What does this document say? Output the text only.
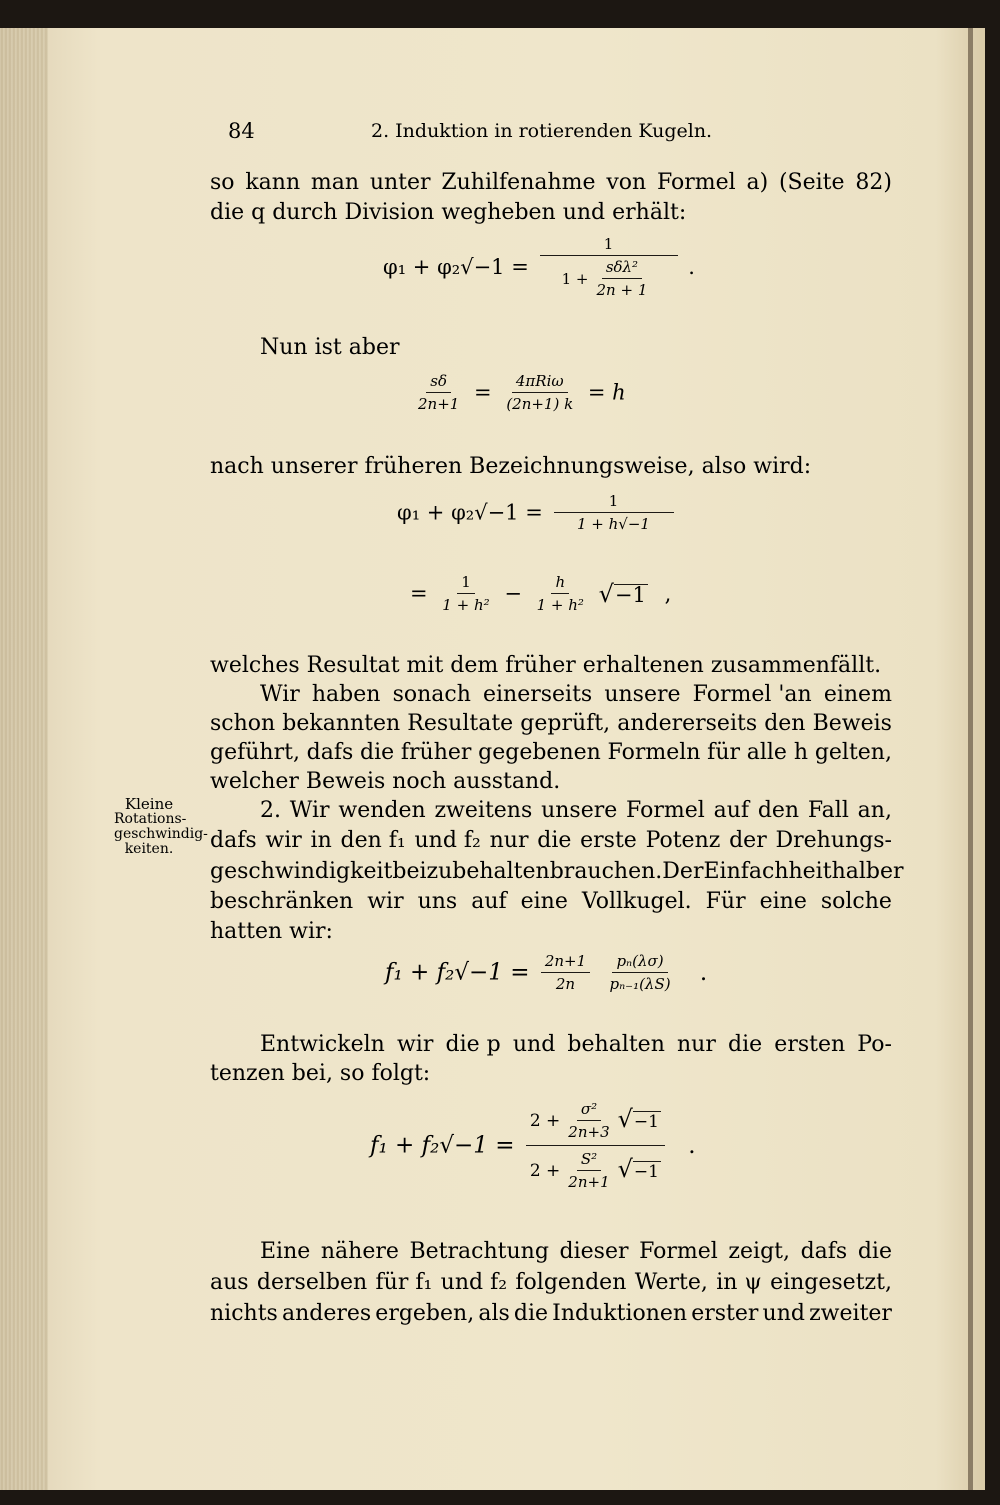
84	2. Induktion in rotierenden Kugeln.
so kann man unter Zuhilfenahme von Formel a) (Seite 82)
die q durch Division wegheben und erhält:
$\varphi_1 + \varphi_2√-1 = \frac{1}{1 + \frac{\text{sδλ²}}{2n + 1}}$ .
Nun ist aber
$\frac{s\delta}{2n+1} = \frac{\text{4πRiω}}{(2n+1) k} = h$
nach unserer früheren Bezeichnungsweise, also wird:
$\varphi_1 + \varphi_2√-1 = \frac{1}{1 + h√-1}$
= $\frac{1}{\text{1 + h²}} - \frac{h}{\text{1 + h²}} √-1$ ,
welches Resultat mit dem früher erhaltenen zusammenfällt.
Wir haben sonach einerseits unsere Formel 'an einem
schon bekannten Resultate geprüft, andererseits den Beweis
geführt, dafs die früher gegebenen Formeln für alle h gelten,
welcher Beweis noch ausstand.
Kleine
Rotations-
geschwindig-
keiten.
2. Wir wenden zweitens unsere Formel auf den Fall an,
dafs wir in den f₁ und f₂ nur die erste Potenz der Drehungs-
geschwindigkeit beizubehalten brauchen. Der Einfachheit halber
beschränken wir uns auf eine Vollkugel. Für eine solche
hatten wir:
$f_1 + f_2√-1 = \frac{2n+1}{2n}$
$\frac{\text{pₙ(λσ)}}{\text{pₙ₋₁(λS)}}$ .
Entwickeln wir die p und behalten nur die ersten Po-
tenzen bei, so folgt:
$f_1 + f_2√-1 = \frac{2 + \frac{\text{σ²}}{2n+3} √-1}{2 + \frac{\text{S²}}{2n+1} √-1}$ .
Eine nähere Betrachtung dieser Formel zeigt, dafs die
aus derselben für f₁ und f₂ folgenden Werte, in ψ eingesetzt,
nichts anderes ergeben, als die Induktionen erster und zweiter
